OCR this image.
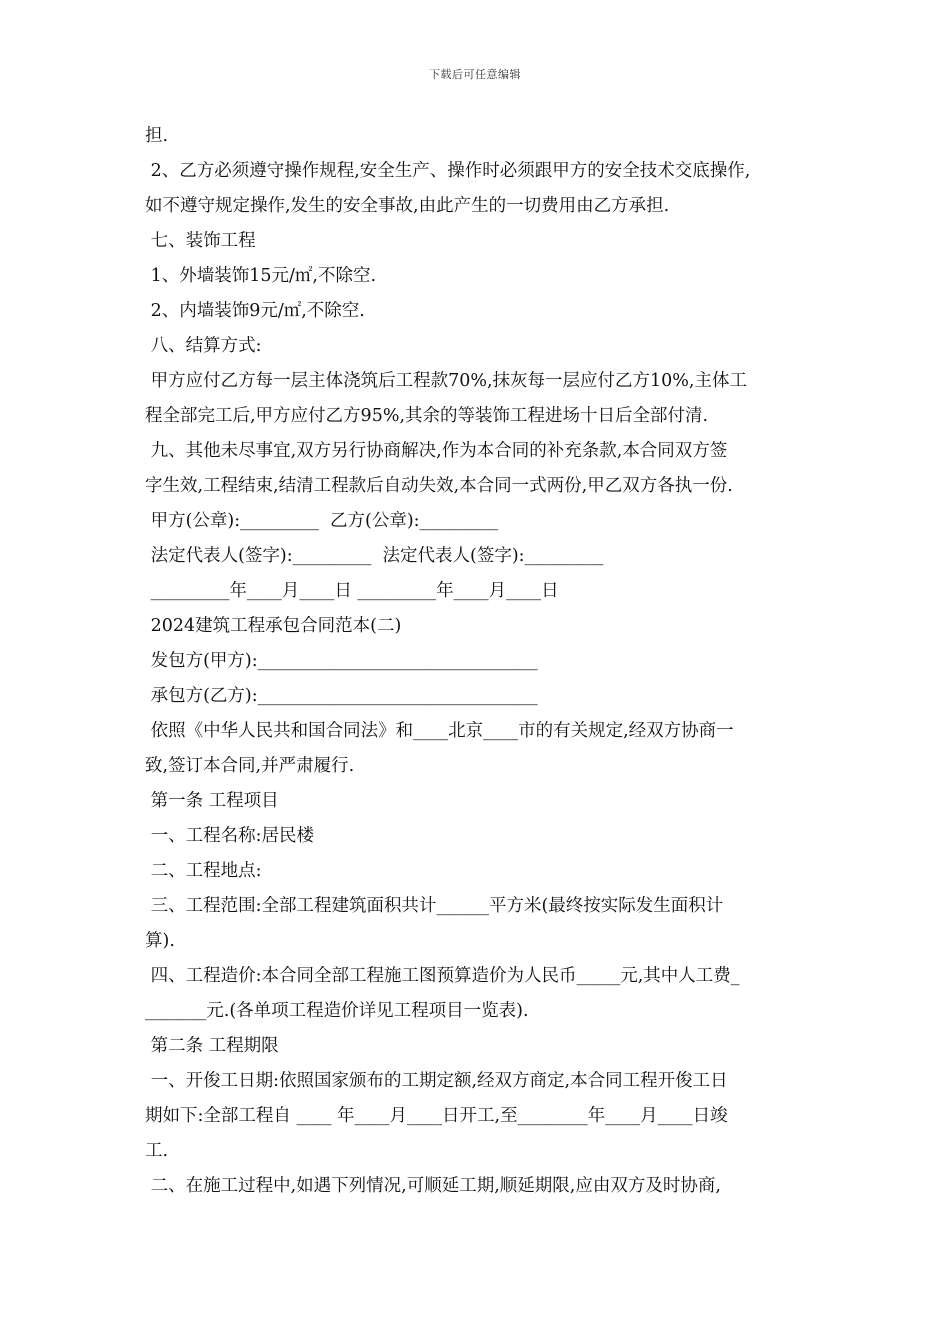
下载后可任意编辑

担.

2、乙方必须遵守操作规程,安全生产、操作时必须跟甲方的安全技术交底操作,

如不遵守规定操作,发生的安全事故,由此产生的一切费用由乙方承担.

七、装饰工程

1、外墙装饰15元/㎡,不除空.

2、内墙装饰9元/㎡,不除空.

八、结算方式:

甲方应付乙方每一层主体浇筑后工程款70%,抹灰每一层应付乙方10%,主体工

程全部完工后,甲方应付乙方95%,其余的等装饰工程进场十日后全部付清.

九、其他未尽事宜,双方另行协商解决,作为本合同的补充条款,本合同双方签

字生效,工程结束,结清工程款后自动失效,本合同一式两份,甲乙双方各执一份.

甲方(公章):_________  乙方(公章):_________

法定代表人(签字):_________  法定代表人(签字):_________

_________年____月____日 _________年____月____日

2024建筑工程承包合同范本(二)

发包方(甲方):________________________________

承包方(乙方):________________________________

依照《中华人民共和国合同法》和____北京____市的有关规定,经双方协商一

致,签订本合同,并严肃履行.

第一条 工程项目

一、工程名称:居民楼

二、工程地点:

三、工程范围:全部工程建筑面积共计______平方米(最终按实际发生面积计

算).

四、工程造价:本合同全部工程施工图预算造价为人民币_____元,其中人工费_

_______元.(各单项工程造价详见工程项目一览表).

第二条 工程期限

一、开俊工日期:依照国家颁布的工期定额,经双方商定,本合同工程开俊工日

期如下:全部工程自 ____ 年____月____日开工,至________年____月____日竣

工.

二、在施工过程中,如遇下列情况,可顺延工期,顺延期限,应由双方及时协商,
